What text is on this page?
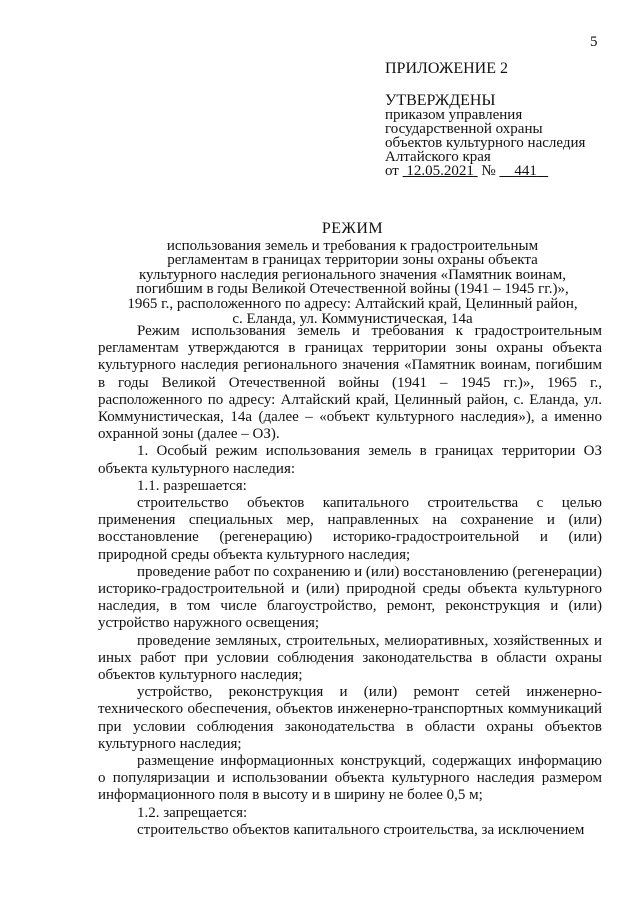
5
ПРИЛОЖЕНИЕ 2
УТВЕРЖДЕНЫ
приказом управления
государственной охраны
объектов культурного наследия
Алтайского края
от 12.05.2021 № 441
РЕЖИМ
использования земель и требования к градостроительным
регламентам в границах территории зоны охраны объекта
культурного наследия регионального значения «Памятник воинам,
погибшим в годы Великой Отечественной войны (1941 – 1945 гг.)»,
1965 г., расположенного по адресу: Алтайский край, Целинный район,
с. Еланда, ул. Коммунистическая, 14а

Режим использования земель и требования к градостроительным регламентам утверждаются в границах территории зоны охраны объекта культурного наследия регионального значения «Памятник воинам, погибшим в годы Великой Отечественной войны (1941 – 1945 гг.)», 1965 г., расположенного по адресу: Алтайский край, Целинный район, с. Еланда, ул. Коммунистическая, 14а (далее – «объект культурного наследия»), а именно охранной зоны (далее – ОЗ).

1. Особый режим использования земель в границах территории ОЗ объекта культурного наследия:

1.1. разрешается:

строительство объектов капитального строительства с целью применения специальных мер, направленных на сохранение и (или) восстановление (регенерацию) историко-градостроительной и (или) природной среды объекта культурного наследия;

проведение работ по сохранению и (или) восстановлению (регенерации) историко-градостроительной и (или) природной среды объекта культурного наследия, в том числе благоустройство, ремонт, реконструкция и (или) устройство наружного освещения;

проведение земляных, строительных, мелиоративных, хозяйственных и иных работ при условии соблюдения законодательства в области охраны объектов культурного наследия;

устройство, реконструкция и (или) ремонт сетей инженерно-технического обеспечения, объектов инженерно-транспортных коммуникаций при условии соблюдения законодательства в области охраны объектов культурного наследия;

размещение информационных конструкций, содержащих информацию о популяризации и использовании объекта культурного наследия размером информационного поля в высоту и в ширину не более 0,5 м;

1.2. запрещается:

строительство объектов капитального строительства, за исключением
